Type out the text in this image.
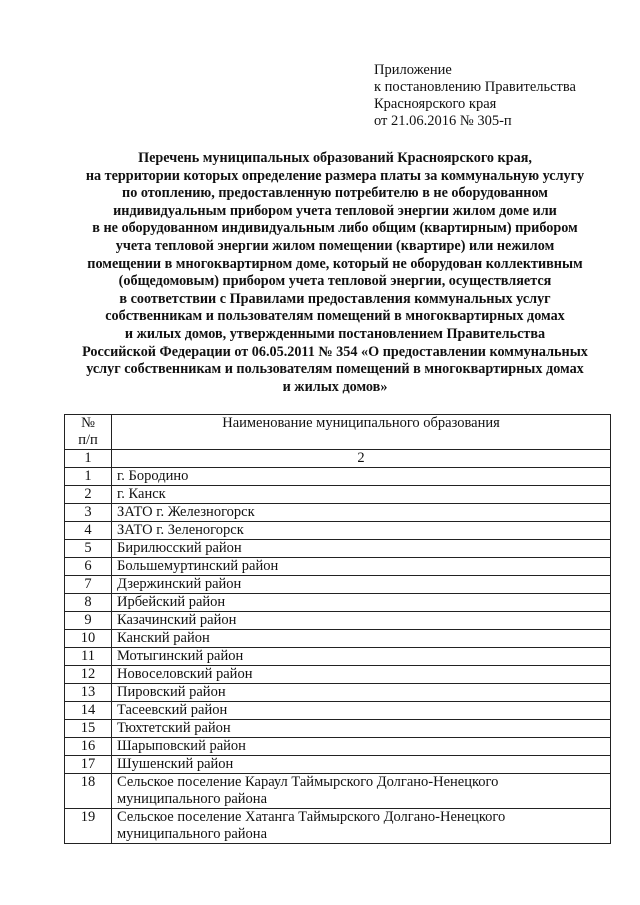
Приложение
к постановлению Правительства
Красноярского края
от 21.06.2016 № 305-п
Перечень муниципальных образований Красноярского края,
на территории которых определение размера платы за коммунальную услугу
по отоплению, предоставленную потребителю в не оборудованном
индивидуальным прибором учета тепловой энергии жилом доме или
в не оборудованном индивидуальным либо общим (квартирным) прибором
учета тепловой энергии жилом помещении (квартире) или нежилом
помещении в многоквартирном доме, который не оборудован коллективным
(общедомовым) прибором учета тепловой энергии, осуществляется
в соответствии с Правилами предоставления коммунальных услуг
собственникам и пользователям помещений в многоквартирных домах
и жилых домов, утвержденными постановлением Правительства
Российской Федерации от 06.05.2011 № 354 «О предоставлении коммунальных
услуг собственникам и пользователям помещений в многоквартирных домах
и жилых домов»
№
п/п	Наименование муниципального образования
1	2
1	г. Бородино
2	г. Канск
3	ЗАТО г. Железногорск
4	ЗАТО г. Зеленогорск
5	Бирилюсский район
6	Большемуртинский район
7	Дзержинский район
8	Ирбейский район
9	Казачинский район
10	Канский район
11	Мотыгинский район
12	Новоселовский район
13	Пировский район
14	Тасеевский район
15	Тюхтетский район
16	Шарыповский район
17	Шушенский район
18	Сельское поселение Караул Таймырского Долгано-Ненецкого муниципального района
19	Сельское поселение Хатанга Таймырского Долгано-Ненецкого муниципального района
